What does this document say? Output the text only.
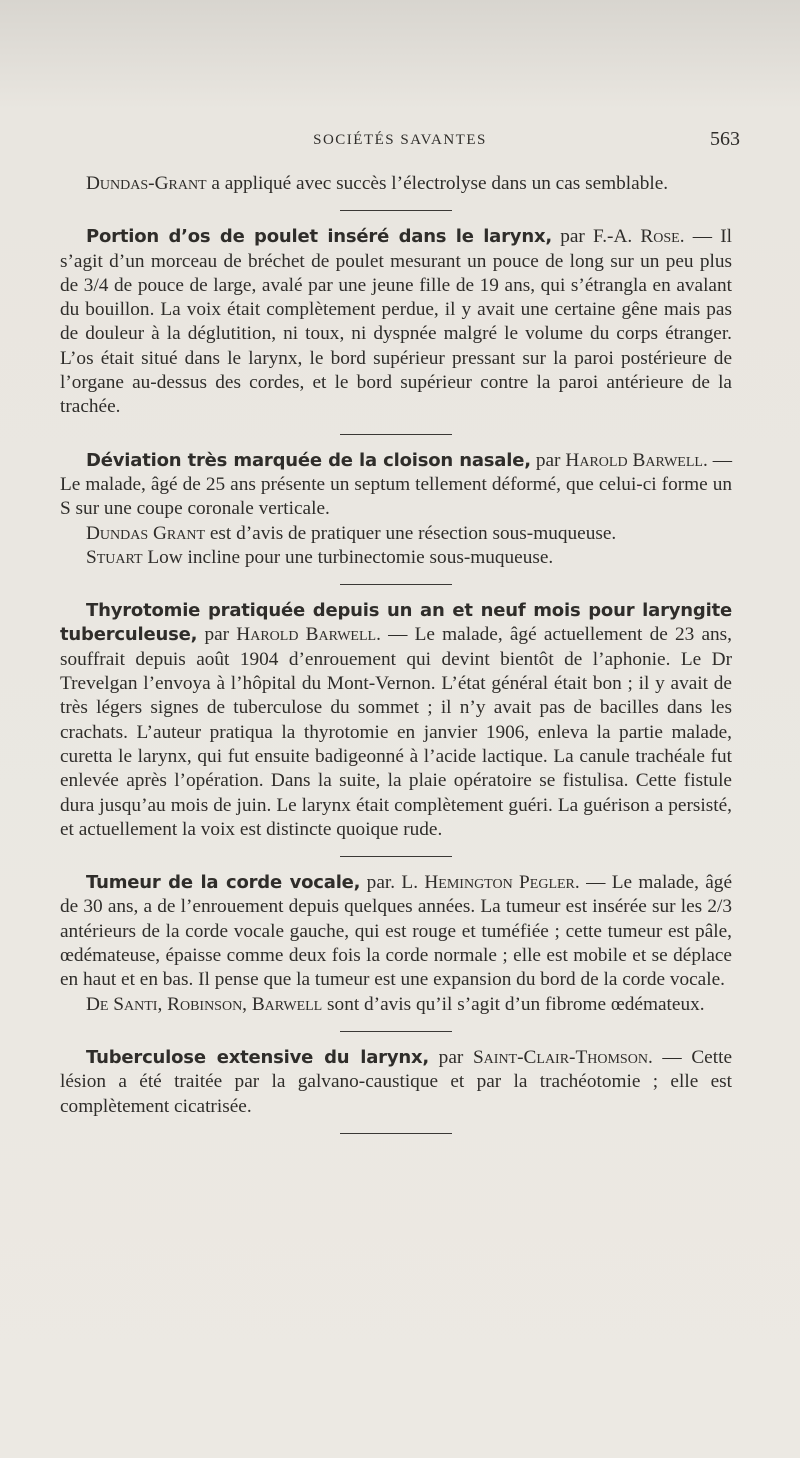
SOCIÉTÉS SAVANTES	563

Dundas-Grant a appliqué avec succès l’électrolyse dans un cas semblable.

Portion d’os de poulet inséré dans le larynx, par F.-A. Rose. — Il s’agit d’un morceau de bréchet de poulet mesurant un pouce de long sur un peu plus de 3/4 de pouce de large, avalé par une jeune fille de 19 ans, qui s’étrangla en avalant du bouillon. La voix était complètement perdue, il y avait une certaine gêne mais pas de douleur à la déglutition, ni toux, ni dyspnée malgré le volume du corps étranger. L’os était situé dans le larynx, le bord supérieur pressant sur la paroi postérieure de l’organe au-dessus des cordes, et le bord supérieur contre la paroi antérieure de la trachée.

Déviation très marquée de la cloison nasale, par Harold Barwell. — Le malade, âgé de 25 ans présente un septum tellement déformé, que celui-ci forme un S sur une coupe coronale verticale.

Dundas Grant est d’avis de pratiquer une résection sous-muqueuse.

Stuart Low incline pour une turbinectomie sous-muqueuse.

Thyrotomie pratiquée depuis un an et neuf mois pour laryngite tuberculeuse, par Harold Barwell. — Le malade, âgé actuellement de 23 ans, souffrait depuis août 1904 d’enrouement qui devint bientôt de l’aphonie. Le Dr Trevelgan l’envoya à l’hôpital du Mont-Vernon. L’état général était bon ; il y avait de très légers signes de tuberculose du sommet ; il n’y avait pas de bacilles dans les crachats. L’auteur pratiqua la thyrotomie en janvier 1906, enleva la partie malade, curetta le larynx, qui fut ensuite badigeonné à l’acide lactique. La canule trachéale fut enlevée après l’opération. Dans la suite, la plaie opératoire se fistulisa. Cette fistule dura jusqu’au mois de juin. Le larynx était complètement guéri. La guérison a persisté, et actuellement la voix est distincte quoique rude.

Tumeur de la corde vocale, par. L. Hemington Pegler. — Le malade, âgé de 30 ans, a de l’enrouement depuis quelques années. La tumeur est insérée sur les 2/3 antérieurs de la corde vocale gauche, qui est rouge et tuméfiée ; cette tumeur est pâle, œdémateuse, épaisse comme deux fois la corde normale ; elle est mobile et se déplace en haut et en bas. Il pense que la tumeur est une expansion du bord de la corde vocale.

De Santi, Robinson, Barwell sont d’avis qu’il s’agit d’un fibrome œdémateux.

Tuberculose extensive du larynx, par Saint-Clair-Thomson. — Cette lésion a été traitée par la galvano-caustique et par la trachéotomie ; elle est complètement cicatrisée.
